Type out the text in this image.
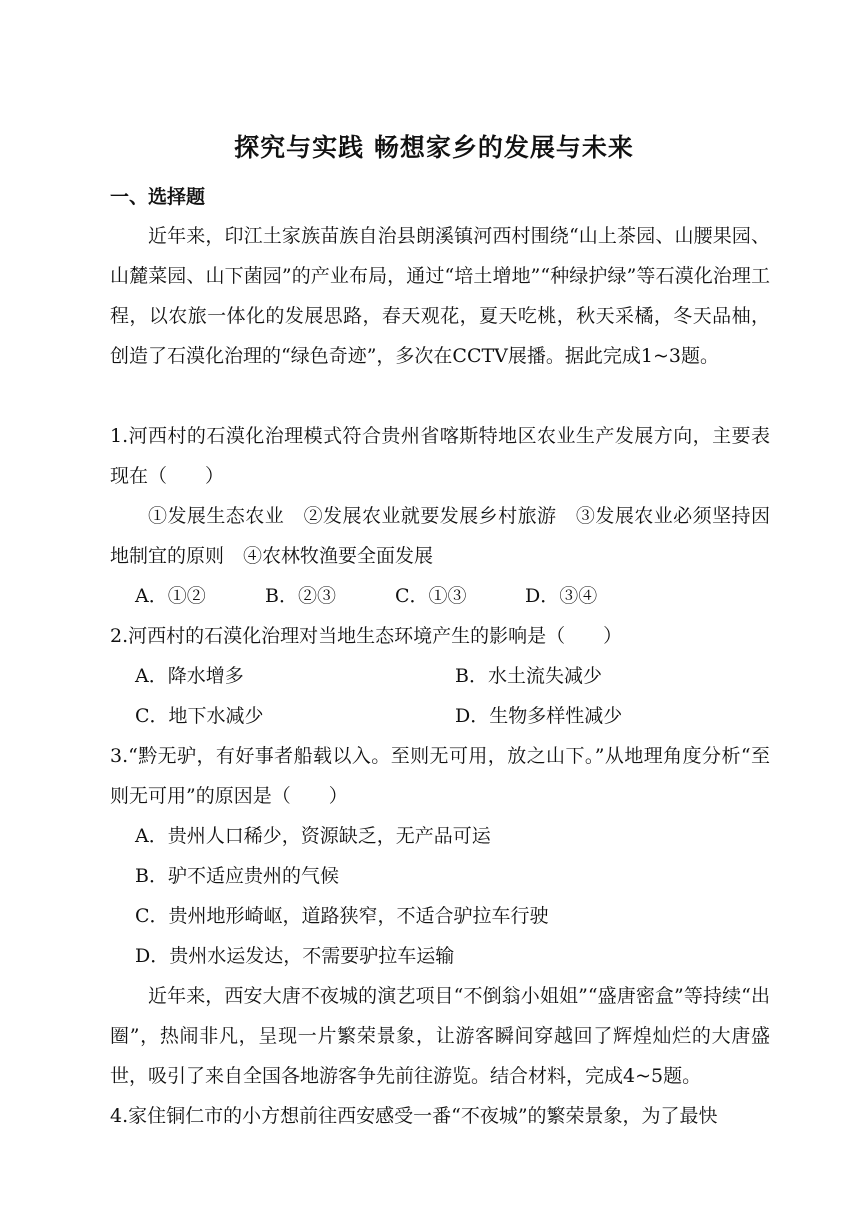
探究与实践 畅想家乡的发展与未来
一、选择题

近年来，印江土家族苗族自治县朗溪镇河西村围绕“山上茶园、山腰果园、山麓菜园、山下菌园”的产业布局，通过“培土增地”“种绿护绿”等石漠化治理工程，以农旅一体化的发展思路，春天观花，夏天吃桃，秋天采橘，冬天品柚，创造了石漠化治理的“绿色奇迹”，多次在CCTV展播。据此完成1~3题。

1.河西村的石漠化治理模式符合贵州省喀斯特地区农业生产发展方向，主要表现在（　　）

①发展生态农业　②发展农业就要发展乡村旅游　③发展农业必须坚持因地制宜的原则　④农林牧渔要全面发展

A．①②	B．②③	C．①③	D．③④

2.河西村的石漠化治理对当地生态环境产生的影响是（　　）

A．降水增多	B．水土流失减少
C．地下水减少	D．生物多样性减少

3.“黔无驴，有好事者船载以入。至则无可用，放之山下。”从地理角度分析“至则无可用”的原因是（　　）

A．贵州人口稀少，资源缺乏，无产品可运

B．驴不适应贵州的气候

C．贵州地形崎岖，道路狭窄，不适合驴拉车行驶

D．贵州水运发达，不需要驴拉车运输

近年来，西安大唐不夜城的演艺项目“不倒翁小姐姐”“盛唐密盒”等持续“出圈”，热闹非凡，呈现一片繁荣景象，让游客瞬间穿越回了辉煌灿烂的大唐盛世，吸引了来自全国各地游客争先前往游览。结合材料，完成4~5题。

4.家住铜仁市的小方想前往西安感受一番“不夜城”的繁荣景象，为了最快
